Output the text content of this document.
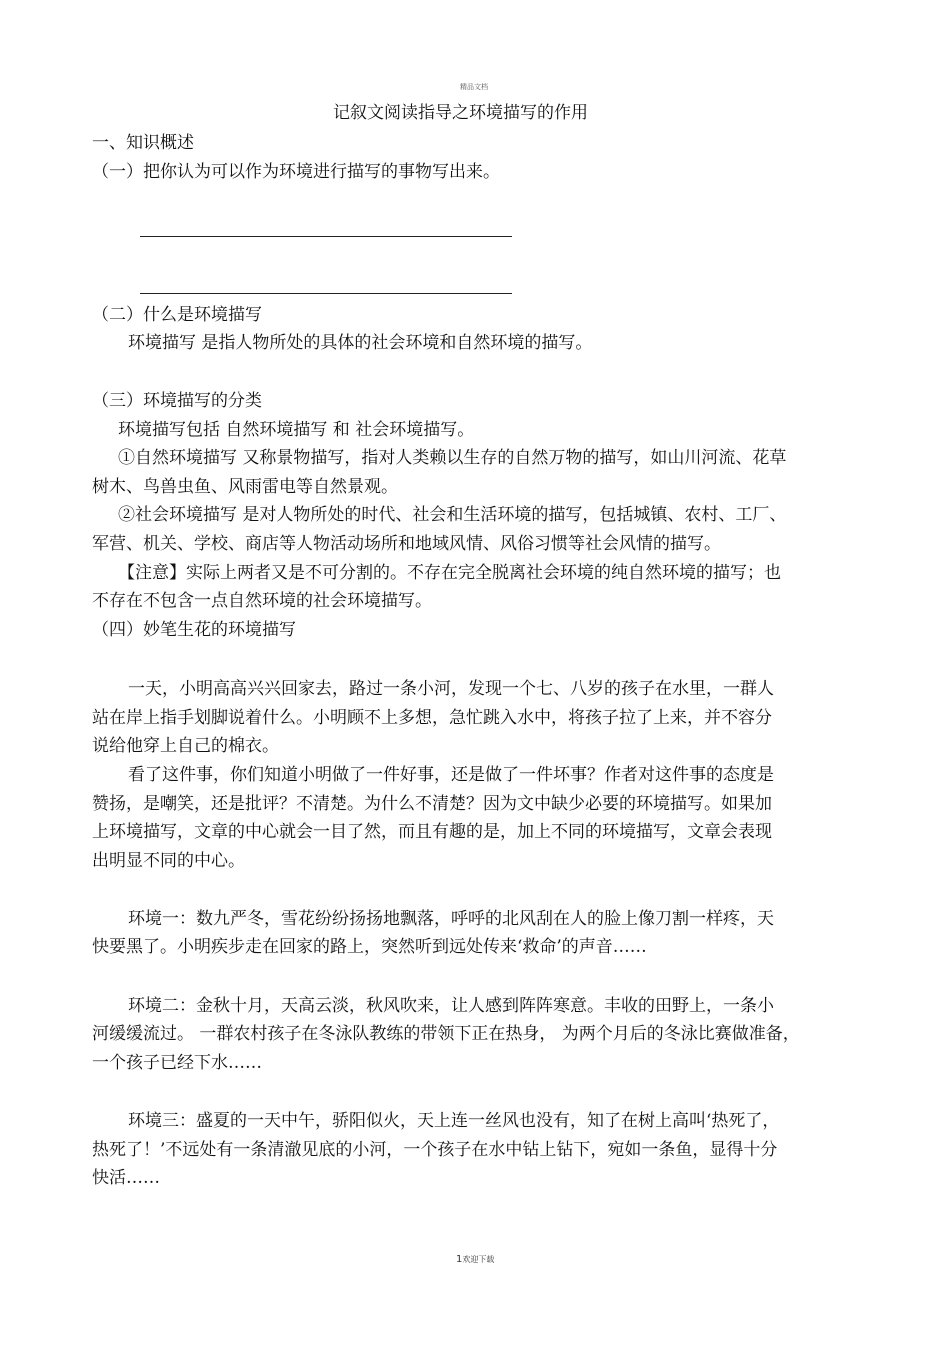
精品文档
记叙文阅读指导之环境描写的作用
一、知识概述
（一）把你认为可以作为环境进行描写的事物写出来。
（二）什么是环境描写
环境描写 是指人物所处的具体的社会环境和自然环境的描写。
（三）环境描写的分类
环境描写包括 自然环境描写 和 社会环境描写。
①自然环境描写 又称景物描写，指对人类赖以生存的自然万物的描写，如山川河流、花草
树木、鸟兽虫鱼、风雨雷电等自然景观。
②社会环境描写 是对人物所处的时代、社会和生活环境的描写，包括城镇、农村、工厂、
军营、机关、学校、商店等人物活动场所和地域风情、风俗习惯等社会风情的描写。
【注意】实际上两者又是不可分割的。不存在完全脱离社会环境的纯自然环境的描写；也
不存在不包含一点自然环境的社会环境描写。
（四）妙笔生花的环境描写
一天，小明高高兴兴回家去，路过一条小河，发现一个七、八岁的孩子在水里，一群人
站在岸上指手划脚说着什么。小明顾不上多想，急忙跳入水中，将孩子拉了上来，并不容分
说给他穿上自己的棉衣。
看了这件事，你们知道小明做了一件好事，还是做了一件坏事？作者对这件事的态度是
赞扬，是嘲笑，还是批评？不清楚。为什么不清楚？因为文中缺少必要的环境描写。如果加
上环境描写，文章的中心就会一目了然，而且有趣的是，加上不同的环境描写，文章会表现
出明显不同的中心。
环境一：数九严冬，雪花纷纷扬扬地飘落，呼呼的北风刮在人的脸上像刀割一样疼，天
快要黑了。小明疾步走在回家的路上，突然听到远处传来‘救命’的声音……
环境二：金秋十月，天高云淡，秋风吹来，让人感到阵阵寒意。丰收的田野上，一条小
河缓缓流过。 一群农村孩子在冬泳队教练的带领下正在热身， 为两个月后的冬泳比赛做准备，
一个孩子已经下水……
环境三：盛夏的一天中午，骄阳似火，天上连一丝风也没有，知了在树上高叫‘热死了，
热死了！’不远处有一条清澈见底的小河，一个孩子在水中钻上钻下，宛如一条鱼，显得十分
快活……
1欢迎下载
